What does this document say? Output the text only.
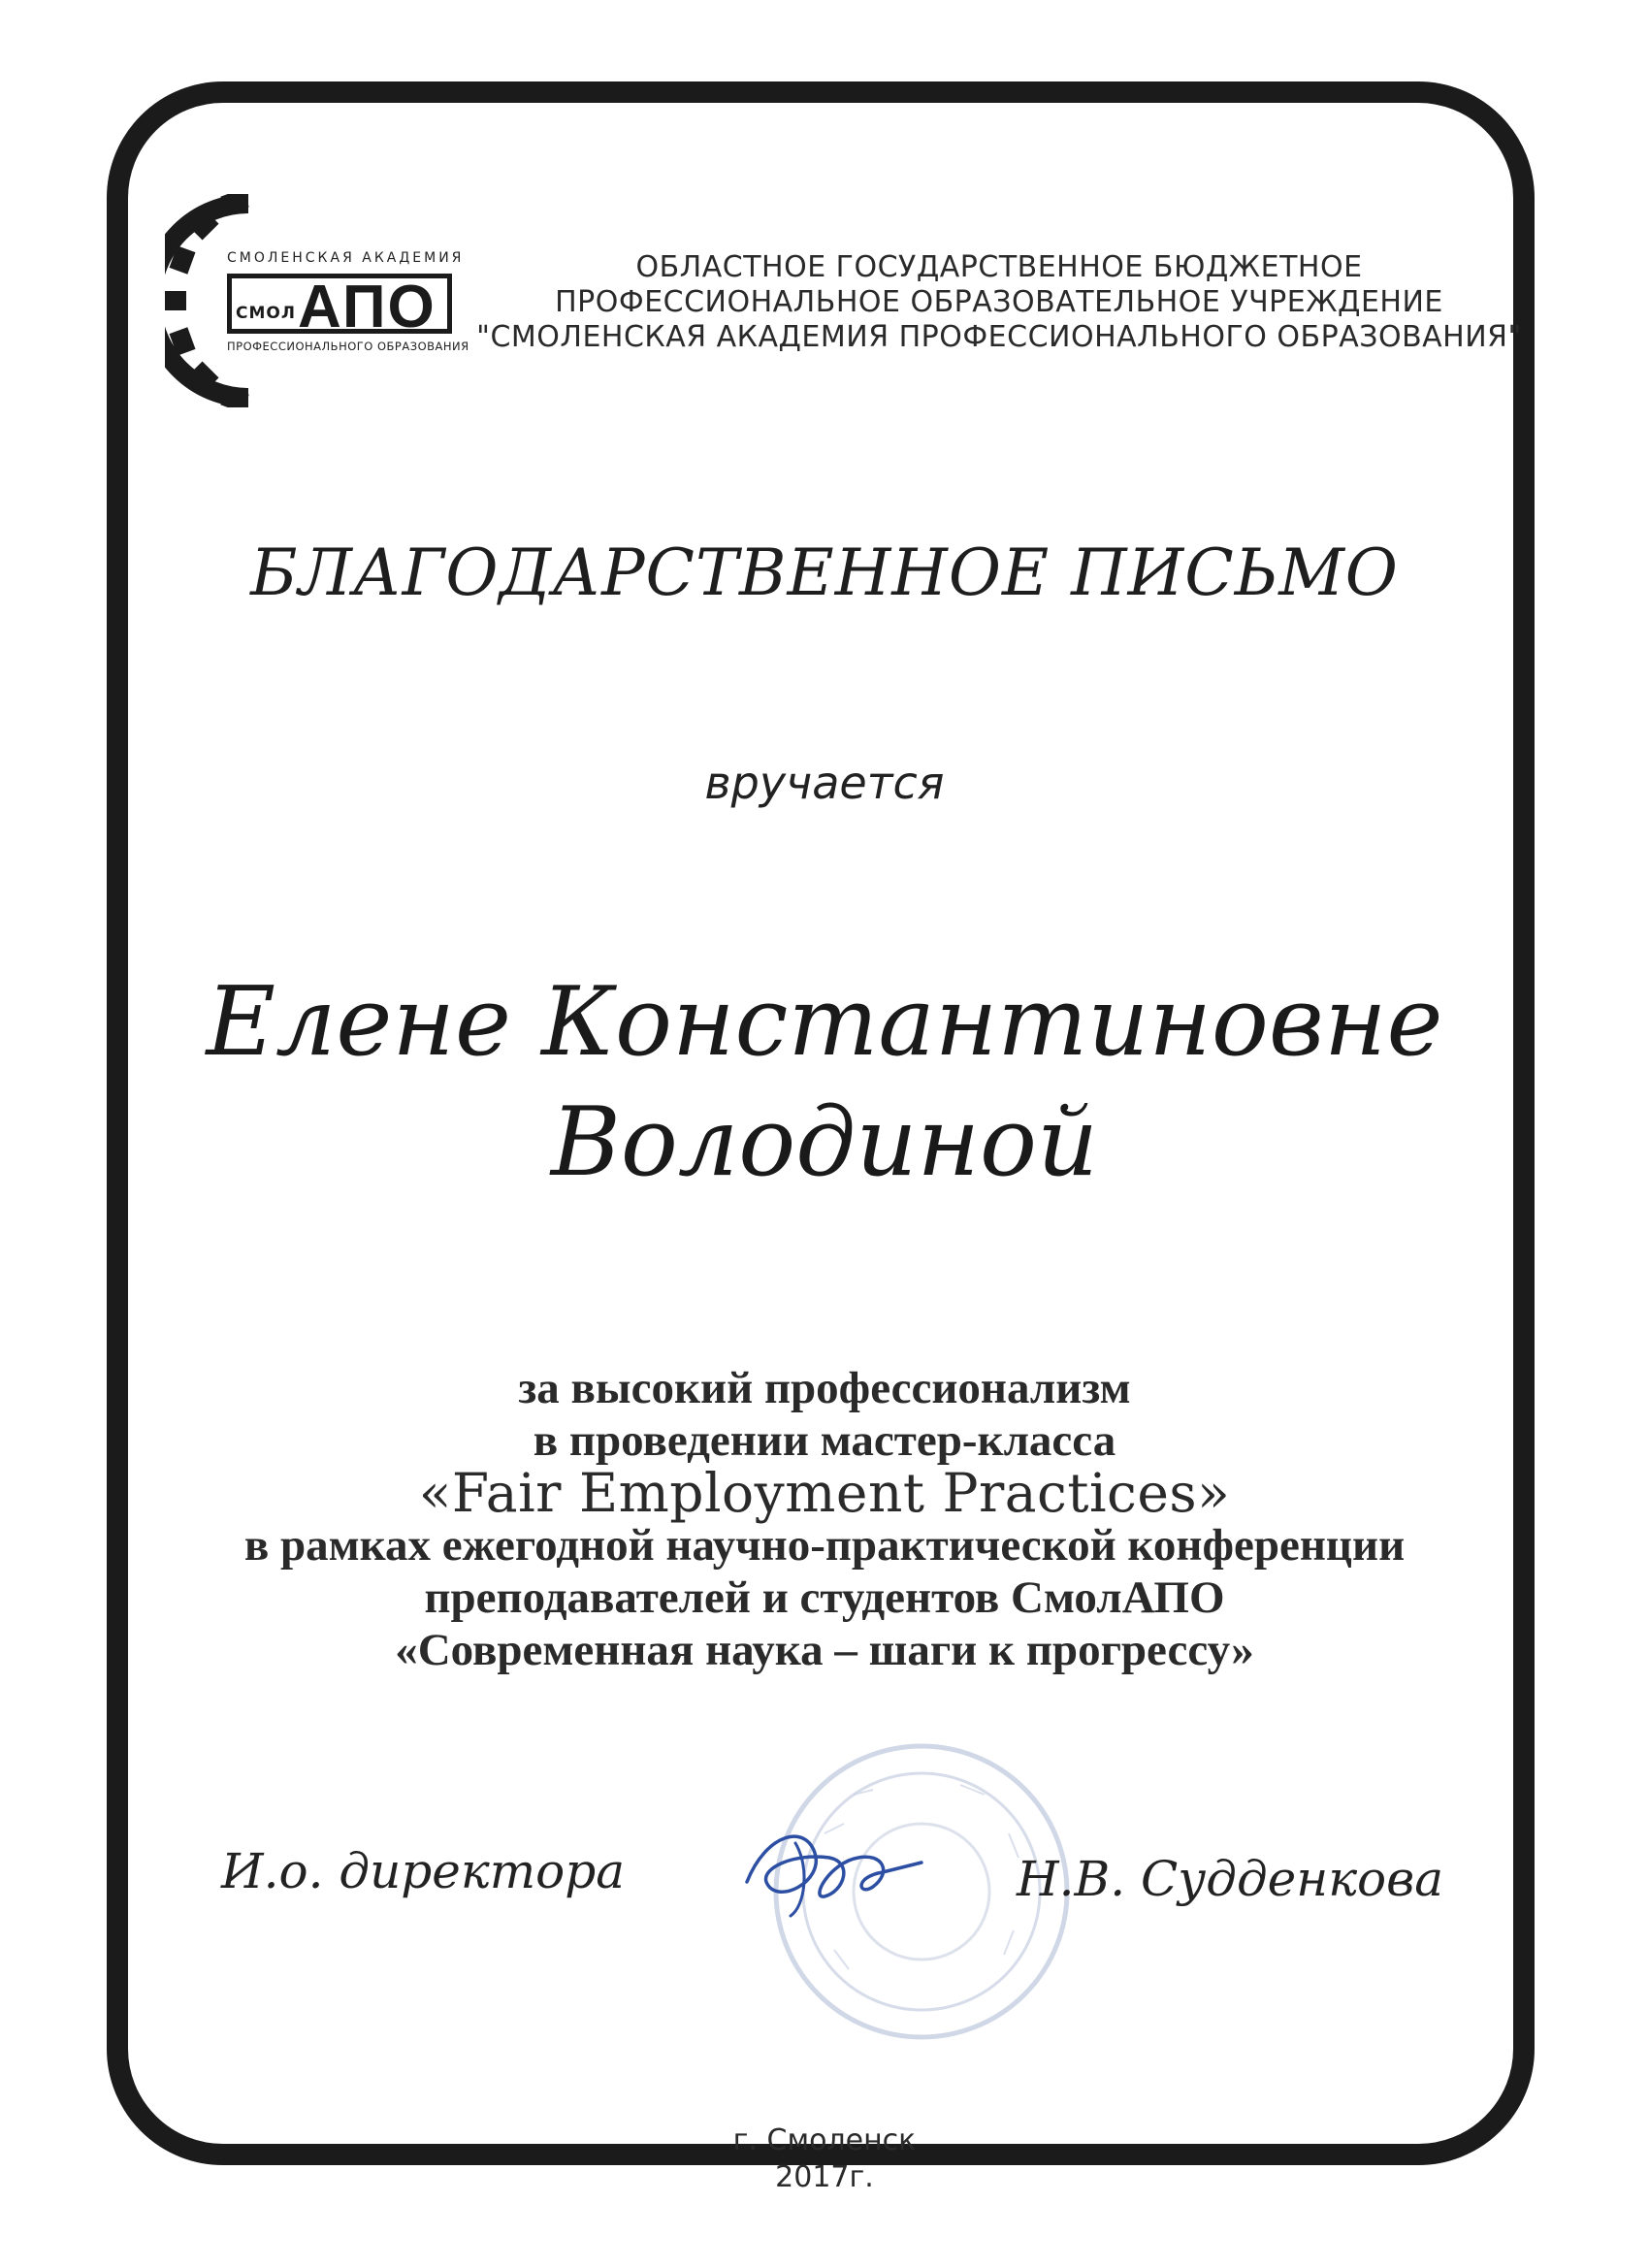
СМОЛЕНСКАЯ АКАДЕМИЯ
СМОЛ АПО
ПРОФЕССИОНАЛЬНОГО ОБРАЗОВАНИЯ
ОБЛАСТНОЕ ГОСУДАРСТВЕННОЕ БЮДЖЕТНОЕ
ПРОФЕССИОНАЛЬНОЕ ОБРАЗОВАТЕЛЬНОЕ УЧРЕЖДЕНИЕ
"СМОЛЕНСКАЯ АКАДЕМИЯ ПРОФЕССИОНАЛЬНОГО ОБРАЗОВАНИЯ"
БЛАГОДАРСТВЕННОЕ ПИСЬМО
вручается
Елене Константиновне
Володиной
за высокий профессионализм
в проведении мастер-класса
«Fair Employment Practices»
в рамках ежегодной научно-практической конференции
преподавателей и студентов СмолАПО
«Современная наука – шаги к прогрессу»
И.о. директора	Н.В. Судденкова
г. Смоленск
2017г.
